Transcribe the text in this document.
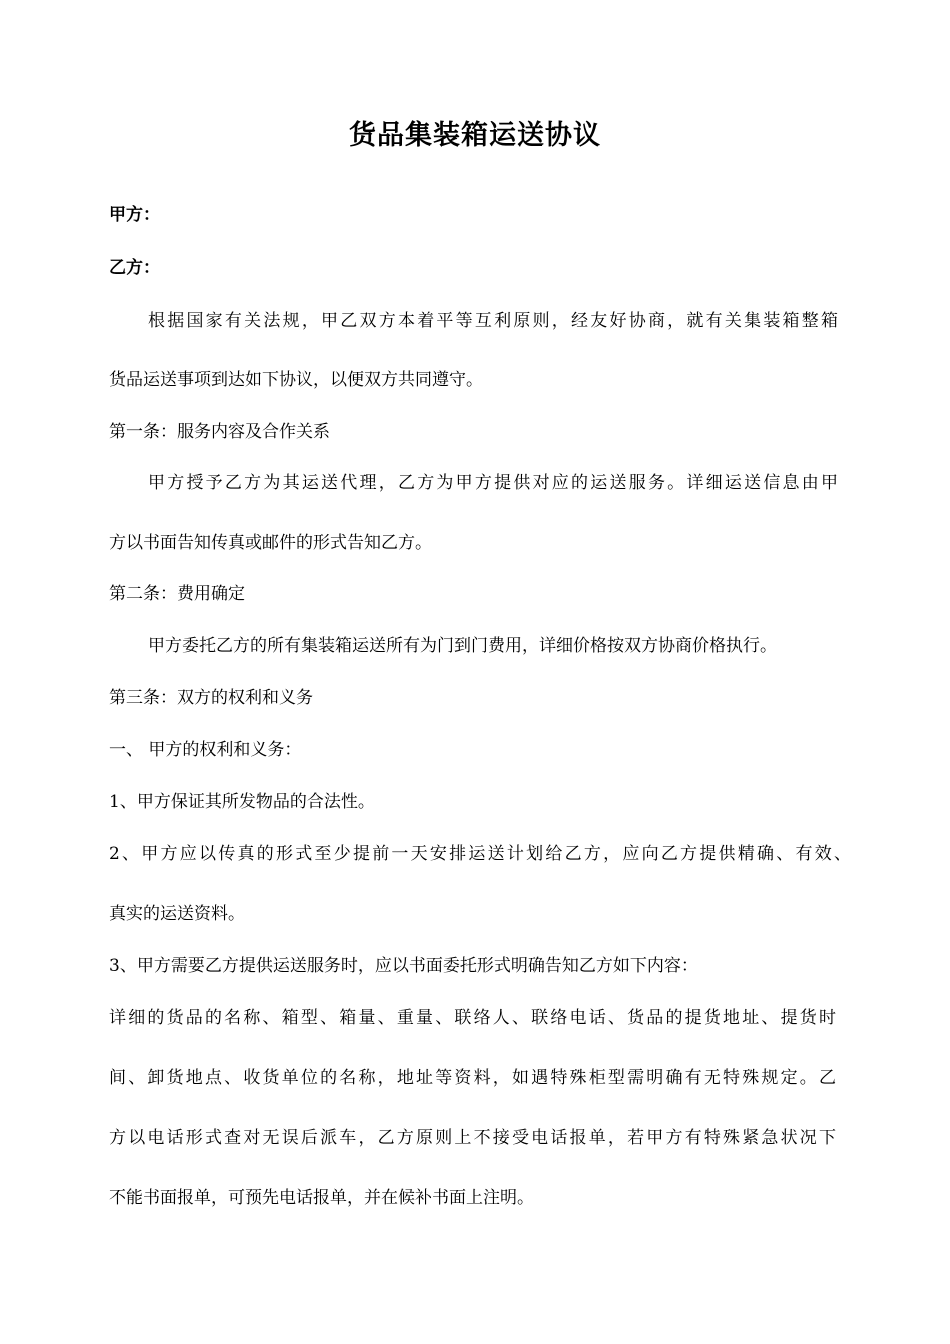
货品集装箱运送协议
甲方：
乙方：
根据国家有关法规，甲乙双方本着平等互利原则，经友好协商，就有关集装箱整箱
货品运送事项到达如下协议，以便双方共同遵守。
第一条：服务内容及合作关系
甲方授予乙方为其运送代理，乙方为甲方提供对应的运送服务。详细运送信息由甲
方以书面告知传真或邮件的形式告知乙方。
第二条：费用确定
甲方委托乙方的所有集装箱运送所有为门到门费用，详细价格按双方协商价格执行。
第三条：双方的权利和义务
一、 甲方的权利和义务：
1、甲方保证其所发物品的合法性。
2、甲方应以传真的形式至少提前一天安排运送计划给乙方，应向乙方提供精确、有效、
真实的运送资料。
3、甲方需要乙方提供运送服务时，应以书面委托形式明确告知乙方如下内容：
详细的货品的名称、箱型、箱量、重量、联络人、联络电话、货品的提货地址、提货时
间、卸货地点、收货单位的名称，地址等资料，如遇特殊柜型需明确有无特殊规定。乙
方以电话形式查对无误后派车，乙方原则上不接受电话报单，若甲方有特殊紧急状况下
不能书面报单，可预先电话报单，并在候补书面上注明。
